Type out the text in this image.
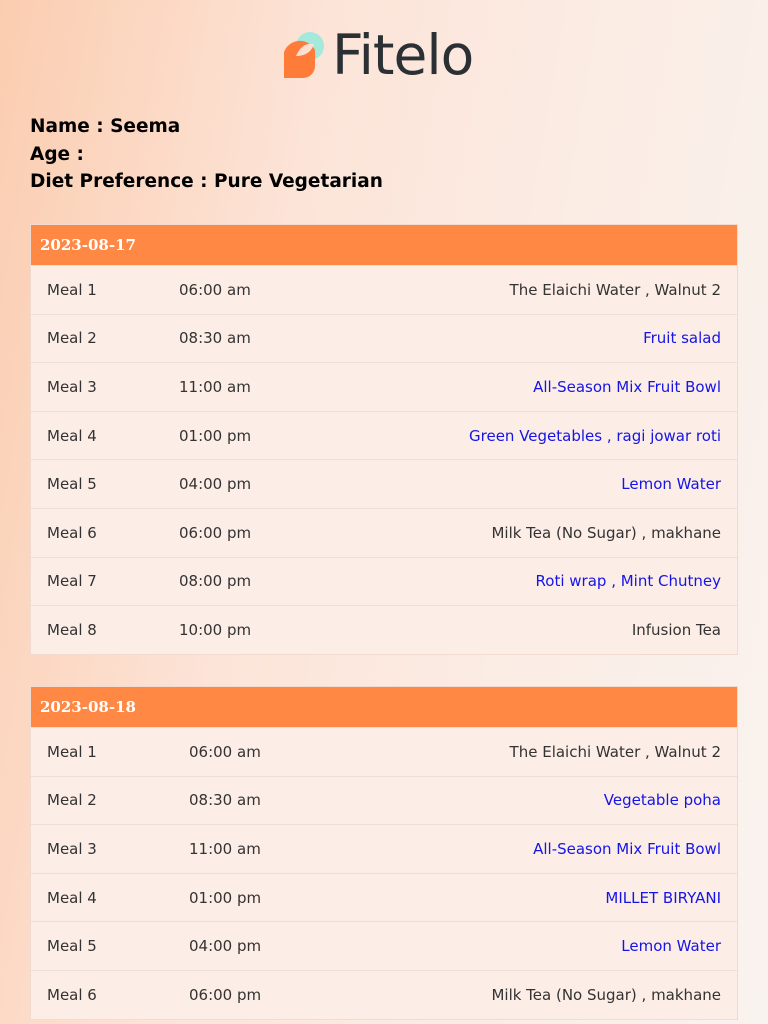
Fitelo
Name : Seema
Age :
Diet Preference : Pure Vegetarian
2023-08-17
Meal 1	06:00 am	The Elaichi Water , Walnut 2
Meal 2	08:30 am	Fruit salad
Meal 3	11:00 am	All-Season Mix Fruit Bowl
Meal 4	01:00 pm	Green Vegetables , ragi jowar roti
Meal 5	04:00 pm	Lemon Water
Meal 6	06:00 pm	Milk Tea (No Sugar) , makhane
Meal 7	08:00 pm	Roti wrap , Mint Chutney
Meal 8	10:00 pm	Infusion Tea
2023-08-18
Meal 1	06:00 am	The Elaichi Water , Walnut 2
Meal 2	08:30 am	Vegetable poha
Meal 3	11:00 am	All-Season Mix Fruit Bowl
Meal 4	01:00 pm	MILLET BIRYANI
Meal 5	04:00 pm	Lemon Water
Meal 6	06:00 pm	Milk Tea (No Sugar) , makhane
